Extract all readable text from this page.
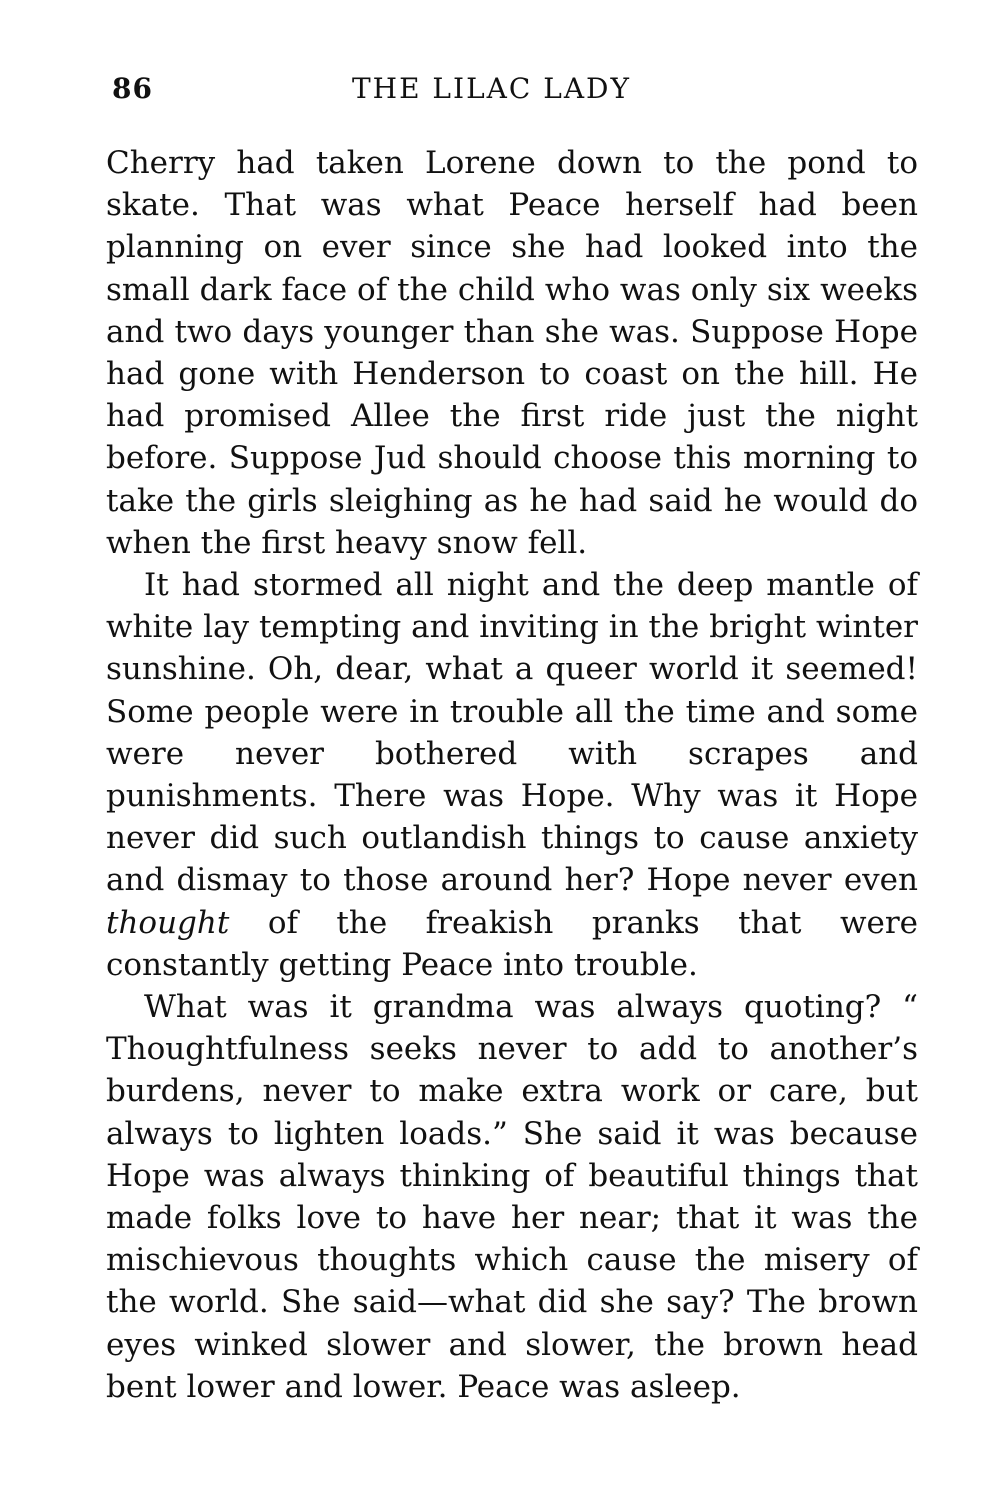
86	THE LILAC LADY

Cherry had taken Lorene down to the pond to skate. That was what Peace herself had been planning on ever since she had looked into the small dark face of the child who was only six weeks and two days younger than she was. Suppose Hope had gone with Henderson to coast on the hill. He had promised Allee the first ride just the night before. Suppose Jud should choose this morning to take the girls sleighing as he had said he would do when the first heavy snow fell.

It had stormed all night and the deep mantle of white lay tempting and inviting in the bright winter sunshine. Oh, dear, what a queer world it seemed! Some people were in trouble all the time and some were never bothered with scrapes and punishments. There was Hope. Why was it Hope never did such outlandish things to cause anxiety and dismay to those around her? Hope never even thought of the freakish pranks that were constantly getting Peace into trouble.

What was it grandma was always quoting? “ Thoughtfulness seeks never to add to another’s burdens, never to make extra work or care, but always to lighten loads.” She said it was because Hope was always thinking of beautiful things that made folks love to have her near; that it was the mischievous thoughts which cause the misery of the world. She said—what did she say? The brown eyes winked slower and slower, the brown head bent lower and lower. Peace was asleep.
